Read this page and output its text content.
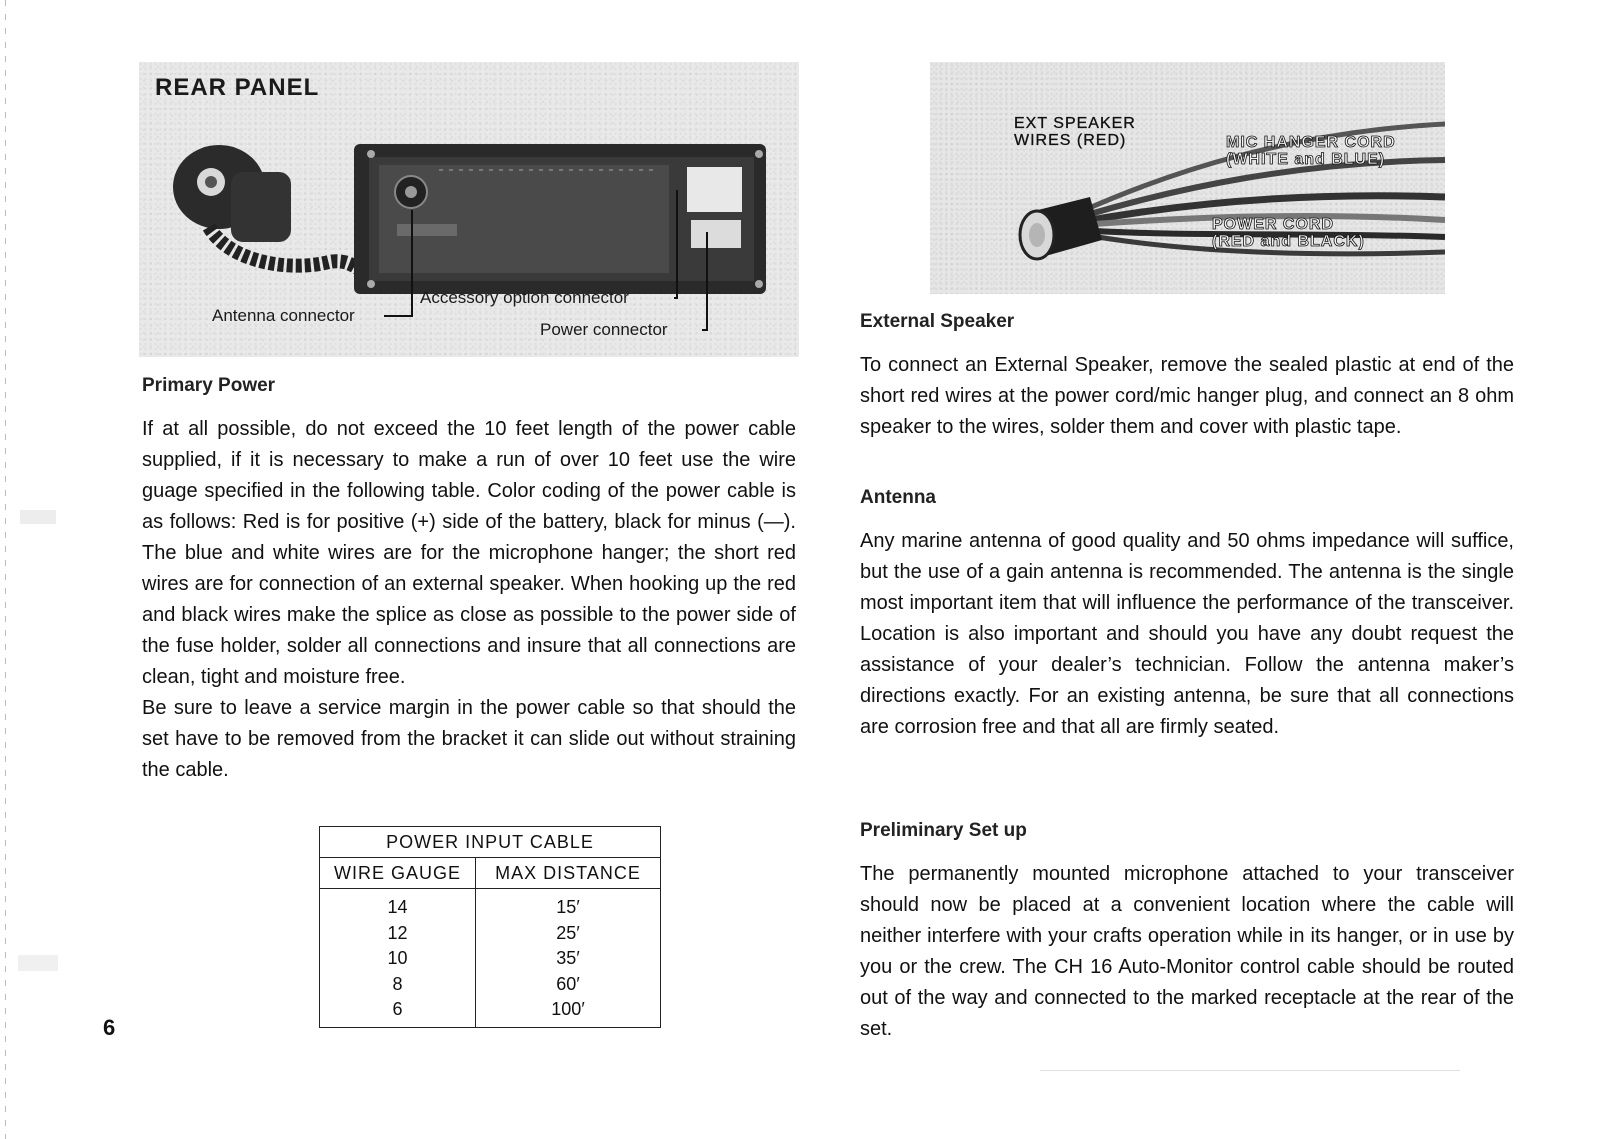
REAR PANEL
Antenna connector
Accessory option connector
Power connector
Primary Power

If at all possible, do not exceed the 10 feet length of the power cable supplied, if it is necessary to make a run of over 10 feet use the wire guage specified in the following table. Color coding of the power cable is as follows: Red is for positive (+) side of the battery, black for minus (—). The blue and white wires are for the microphone hanger; the short red wires are for connection of an external speaker. When hooking up the red and black wires make the splice as close as possible to the power side of the fuse holder, solder all connections and insure that all connections are clean, tight and moisture free.

Be sure to leave a service margin in the power cable so that should the set have to be removed from the bracket it can slide out without straining the cable.

POWER INPUT CABLE	
WIRE GAUGE	MAX DISTANCE
14	15′
12	25′
10	35′
8	60′
6	100′
6
EXT SPEAKER
WIRES (RED)	MIC HANGER CORD
(WHITE and BLUE)
POWER CORD
(RED and BLACK)
External Speaker
To connect an External Speaker, remove the sealed plastic at end of the short red wires at the power cord/mic hanger plug, and connect an 8 ohm speaker to the wires, solder them and cover with plastic tape.
Antenna
Any marine antenna of good quality and 50 ohms impedance will suffice, but the use of a gain antenna is recommended. The antenna is the single most important item that will influence the performance of the transceiver. Location is also important and should you have any doubt request the assistance of your dealer’s technician. Follow the antenna maker’s directions exactly. For an existing antenna, be sure that all connections are corrosion free and that all are firmly seated.
Preliminary Set up
The permanently mounted microphone attached to your transceiver should now be placed at a convenient location where the cable will neither interfere with your crafts operation while in its hanger, or in use by you or the crew. The CH 16 Auto-Monitor control cable should be routed out of the way and connected to the marked receptacle at the rear of the set.
